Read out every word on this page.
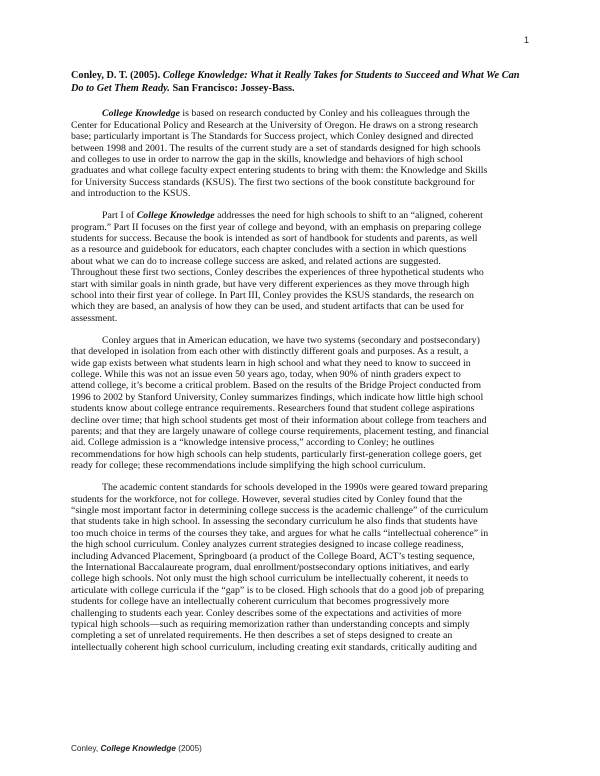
1

Conley, D. T. (2005). College Knowledge: What it Really Takes for Students to Succeed and What We Can Do to Get Them Ready. San Francisco: Jossey-Bass.

College Knowledge is based on research conducted by Conley and his colleagues through the
Center for Educational Policy and Research at the University of Oregon. He draws on a strong research
base; particularly important is The Standards for Success project, which Conley designed and directed
between 1998 and 2001. The results of the current study are a set of standards designed for high schools
and colleges to use in order to narrow the gap in the skills, knowledge and behaviors of high school
graduates and what college faculty expect entering students to bring with them: the Knowledge and Skills
for University Success standards (KSUS). The first two sections of the book constitute background for
and introduction to the KSUS.

Part I of College Knowledge addresses the need for high schools to shift to an “aligned, coherent
program.” Part II focuses on the first year of college and beyond, with an emphasis on preparing college
students for success. Because the book is intended as sort of handbook for students and parents, as well
as a resource and guidebook for educators, each chapter concludes with a section in which questions
about what we can do to increase college success are asked, and related actions are suggested.
Throughout these first two sections, Conley describes the experiences of three hypothetical students who
start with similar goals in ninth grade, but have very different experiences as they move through high
school into their first year of college. In Part III, Conley provides the KSUS standards, the research on
which they are based, an analysis of how they can be used, and student artifacts that can be used for
assessment.

Conley argues that in American education, we have two systems (secondary and postsecondary)
that developed in isolation from each other with distinctly different goals and purposes. As a result, a
wide gap exists between what students learn in high school and what they need to know to succeed in
college. While this was not an issue even 50 years ago, today, when 90% of ninth graders expect to
attend college, it’s become a critical problem. Based on the results of the Bridge Project conducted from
1996 to 2002 by Stanford University, Conley summarizes findings, which indicate how little high school
students know about college entrance requirements. Researchers found that student college aspirations
decline over time; that high school students get most of their information about college from teachers and
parents; and that they are largely unaware of college course requirements, placement testing, and financial
aid. College admission is a “knowledge intensive process,” according to Conley; he outlines
recommendations for how high schools can help students, particularly first-generation college goers, get
ready for college; these recommendations include simplifying the high school curriculum.

The academic content standards for schools developed in the 1990s were geared toward preparing
students for the workforce, not for college. However, several studies cited by Conley found that the
“single most important factor in determining college success is the academic challenge” of the curriculum
that students take in high school. In assessing the secondary curriculum he also finds that students have
too much choice in terms of the courses they take, and argues for what he calls “intellectual coherence” in
the high school curriculum. Conley analyzes current strategies designed to incase college readiness,
including Advanced Placement, Springboard (a product of the College Board, ACT’s testing sequence,
the International Baccalaureate program, dual enrollment/postsecondary options initiatives, and early
college high schools. Not only must the high school curriculum be intellectually coherent, it needs to
articulate with college curricula if the “gap” is to be closed. High schools that do a good job of preparing
students for college have an intellectually coherent curriculum that becomes progressively more
challenging to students each year. Conley describes some of the expectations and activities of more
typical high schools—such as requiring memorization rather than understanding concepts and simply
completing a set of unrelated requirements. He then describes a set of steps designed to create an
intellectually coherent high school curriculum, including creating exit standards, critically auditing and

Conley, College Knowledge (2005)
